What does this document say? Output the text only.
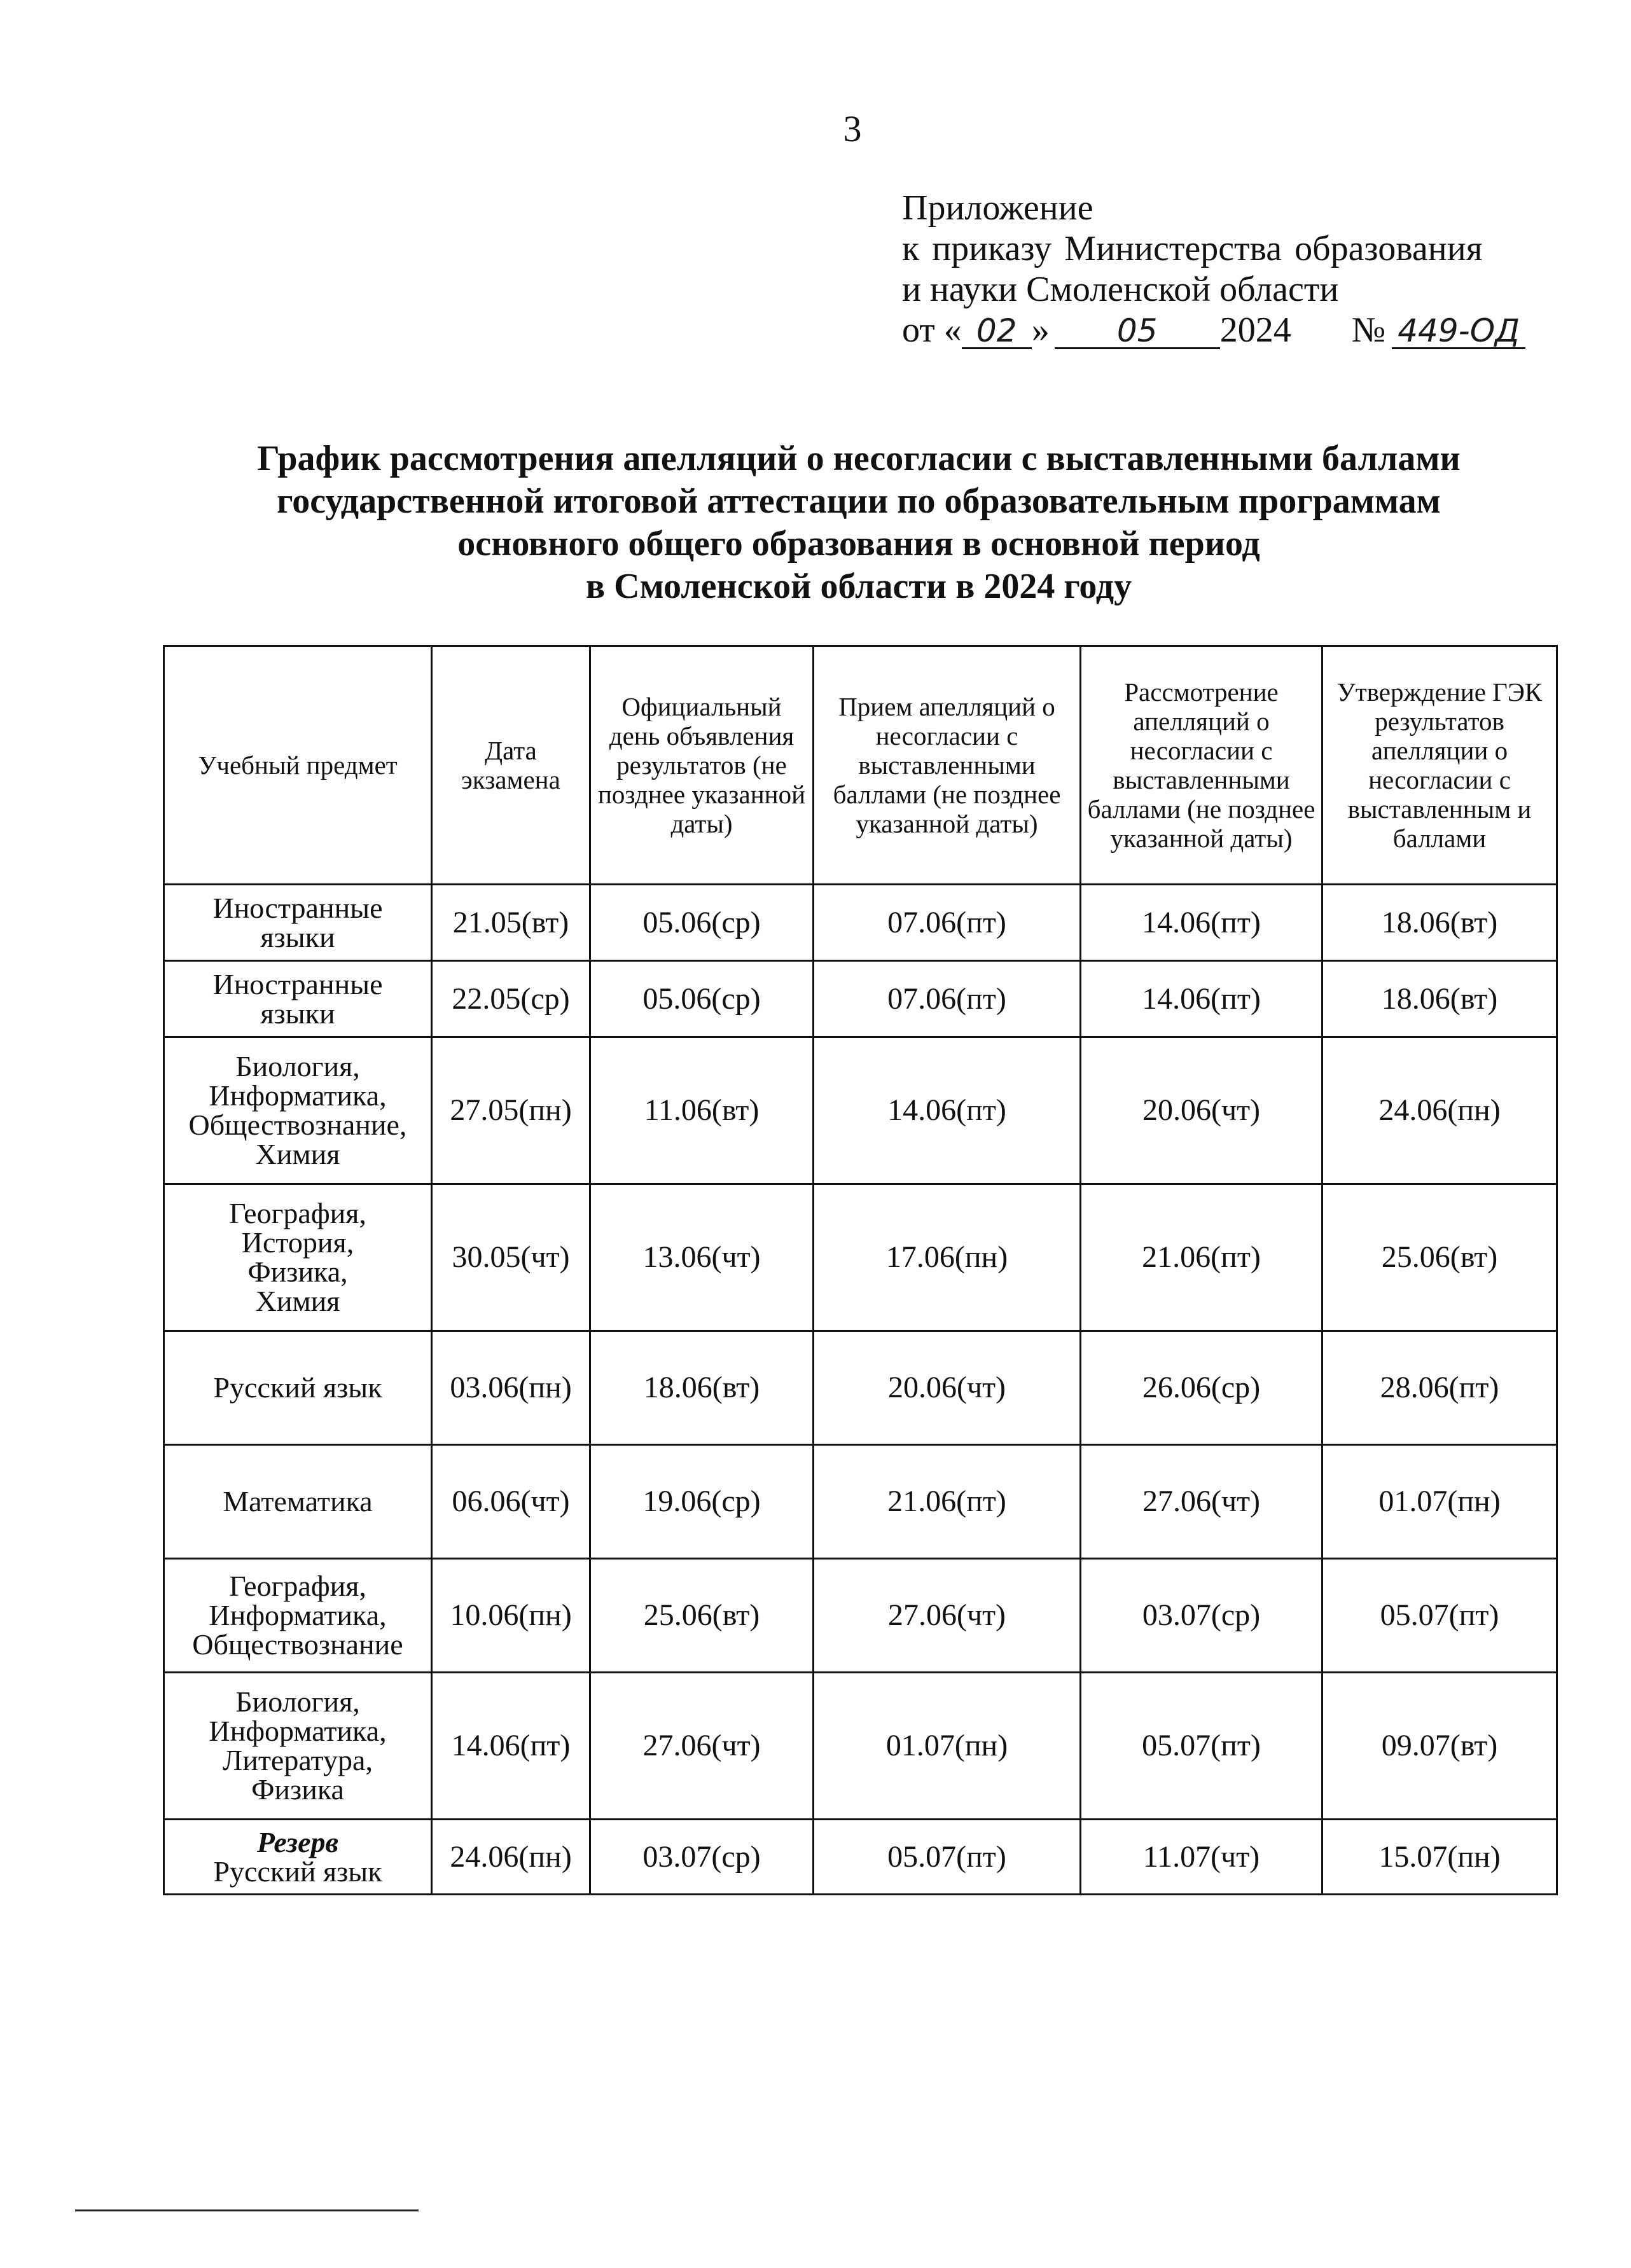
3
Приложение
к приказу Министерства образования
и науки Смоленской области
от « 02 »	05	2024 № 449-ОД
График рассмотрения апелляций о несогласии с выставленными баллами
государственной итоговой аттестации по образовательным программам
основного общего образования в основной период
в Смоленской области в 2024 году
Учебный предмет	Дата экзамена	Официальный день объявления результатов (не позднее указанной даты)	Прием апелляций о несогласии с выставленными баллами (не позднее указанной даты)	Рассмотрение апелляций о несогласии с выставленными баллами (не позднее указанной даты)	Утверждение ГЭК результатов апелляции о несогласии с выставленным и баллами

Иностранные
языки	21.05(вт)	05.06(ср)	07.06(пт)	14.06(пт)	18.06(вт)

Иностранные
языки	22.05(ср)	05.06(ср)	07.06(пт)	14.06(пт)	18.06(вт)

Биология,
Информатика,
Обществознание,
Химия	27.05(пн)	11.06(вт)	14.06(пт)	20.06(чт)	24.06(пн)

География,
История,
Физика,
Химия	30.05(чт)	13.06(чт)	17.06(пн)	21.06(пт)	25.06(вт)

Русский язык	03.06(пн)	18.06(вт)	20.06(чт)	26.06(ср)	28.06(пт)

Математика	06.06(чт)	19.06(ср)	21.06(пт)	27.06(чт)	01.07(пн)

География,
Информатика,
Обществознание	10.06(пн)	25.06(вт)	27.06(чт)	03.07(ср)	05.07(пт)

Биология,
Информатика,
Литература,
Физика	14.06(пт)	27.06(чт)	01.07(пн)	05.07(пт)	09.07(вт)

Резерв
Русский язык	24.06(пн)	03.07(ср)	05.07(пт)	11.07(чт)	15.07(пн)
